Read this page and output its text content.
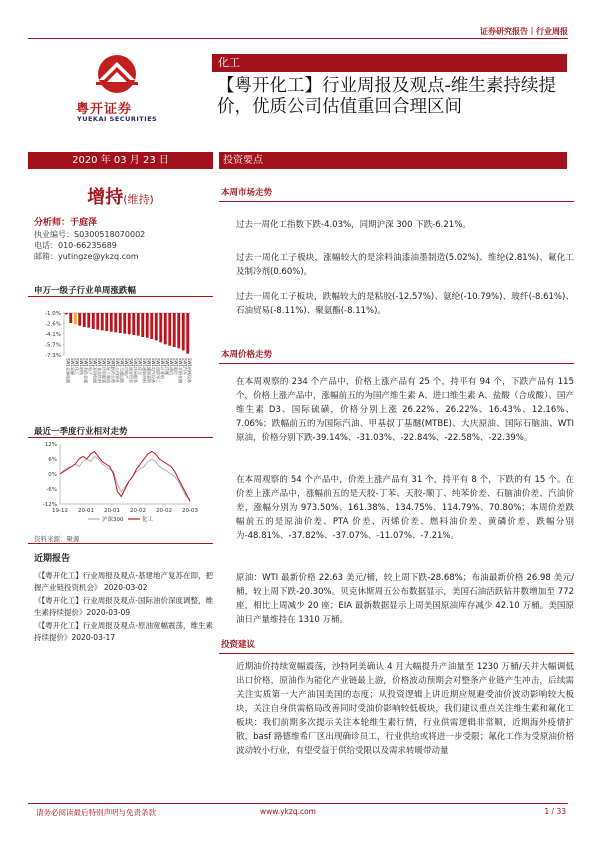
证券研究报告｜行业周报
粤开证券
YUEKAI SECURITIES
化工
【粤开化工】行业周报及观点-维生素持续提价，优质公司估值重回合理区间
2020 年 03 月 23 日	投资要点
增持(维持)
分析师：于庭泽
执业编号：S0300518070002
电话：010-66235689
邮箱：yutingze@ykzq.com
申万一级子行业单周涨跌幅
-1.0%
-2.6%
-4.1%
-5.7%
-7.3%
SW1农林牧渔 SW1采掘 SW1化工 SW1钢铁 SW1有色金属 SW1电子 SW1家用电器 SW1食品饮料 SW1纺织服装 SW1轻工制造 SW1医药生物 SW1公用事业 SW1交通运输 SW1房地产 SW1商业贸易 SW1休闲服务 SW1综合 SW1建筑材料 SW1建筑装饰 SW1电气设备 SW1国防军工 SW1计算机 SW1传媒 SW1通信 SW1银行 SW1非银金融 SW1汽车 SW1机械设备
最近一季度行业相对走势
12%
6%
0%
-6%
-12%
19-12 20-01 20-01 20-02 20-02 20-03
沪深300	化工
资料来源：聚源
近期报告
《【粤开化工】行业周报及观点-基建地产复苏在即，把握产业链投资机会》 2020-03-02
《【粤开化工】行业周报及观点-国际油价深度调整，维生素持续提价》2020-03-09
《【粤开化工】行业周报及观点-原油宽幅震荡，维生素持续提价》2020-03-17
本周市场走势
过去一周化工指数下跌-4.03%，同期沪深 300 下跌-6.21%。
过去一周化工子板块，涨幅较大的是涂料油漆油墨制造(5.02%)、维纶(2.81%)、氟化工及制冷剂(0.60%)。
过去一周化工子板块，跌幅较大的是粘胶(-12.57%)、氨纶(-10.79%)、玻纤(-8.61%)、石油贸易(-8.11%)、聚氨酯(-8.11%)。
本周价格走势
在本周观察的 234 个产品中，价格上涨产品有 25 个，持平有 94 个，下跌产品有 115 个，价格上涨产品中，涨幅前五的为国产维生素 A、进口维生素 A、盐酸（合成酸）、国产维生素 D3、国际硫磺，价格分别上涨 26.22%、26.22%、16.43%、12.16%、7.06%；跌幅前五的为国际汽油、甲基叔丁基醚(MTBE)、大庆原油、国际石脑油、WTI 原油，价格分别下跌-39.14%、-31.03%、-22.84%、-22.58%、-22.39%。
在本周观察的 54 个产品中，价差上涨产品有 31 个，持平有 8 个，下跌的有 15 个。在价差上涨产品中，涨幅前五的是天胶-丁苯、天胶-顺丁、纯苯价差、石脑油价差、汽油价差，涨幅分别为 973.50%、161.38%、134.75%、114.79%、70.80%；本周价差跌幅前五的是原油价差、PTA 价差、丙烯价差、燃料油价差、黄磷价差，跌幅分别为-48.81%、-37.82%、-37.07%、-11.07%、-7.21%。
原油：WTI 最新价格 22.63 美元/桶，较上周下跌-28.68%；布油最新价格 26.98 美元/桶，较上周下跌-20.30%。贝克休斯周五公布数据显示，美国石油活跃钻井数增加至 772 座，相比上周减少 20 座；EIA 最新数据显示上周美国原油库存减少 42.10 万桶。美国原油日产量维持在 1310 万桶。
投资建议
近期油价持续宽幅震荡，沙特阿美确认 4 月大幅提升产油量至 1230 万桶/天并大幅调低出口价格，原油作为能化产业链最上游，价格波动预期会对整条产业链产生冲击，后续需关注实质第一大产油国美国的态度；从投资逻辑上讲近期应规避受油价波动影响较大板块，关注自身供需格局改善同时受油价影响较低板块，我们建议重点关注维生素和氟化工板块：我们前期多次提示关注本轮维生素行情，行业供需逻辑非常顺，近期海外疫情扩散，basf 路德维希厂区出现确诊员工，行业供给或将进一步受限；氟化工作为受原油价格波动较小行业，有望受益于供给受限以及需求转暖带动量
请务必阅读最后特别声明与免责条款	www.ykzq.com	1 / 33
